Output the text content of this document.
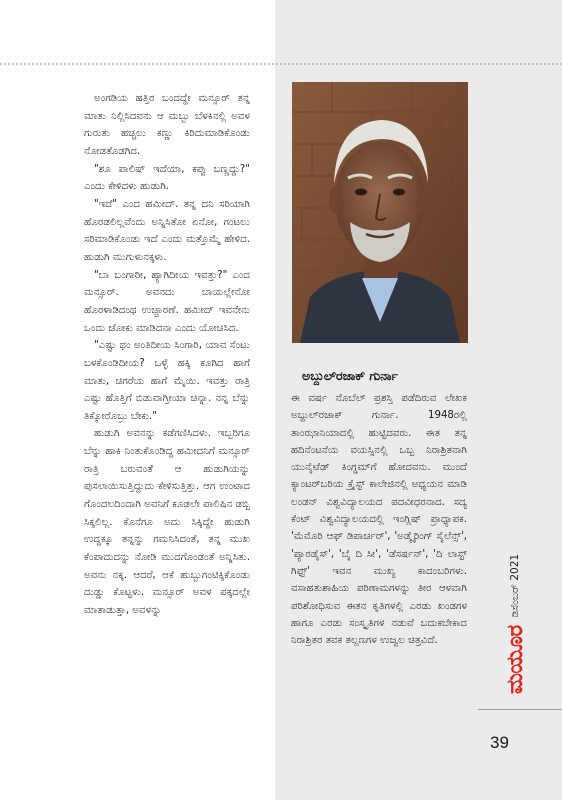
ಅಂಗಡಿಯ ಹತ್ತಿರ ಬಂದದ್ದೇ ಮನ್ಸೂರ್ ತನ್ನ ಮಾತು ನಿಲ್ಲಿಸಿದವನು ಆ ಮಬ್ಬು ಬೆಳಕಿನಲ್ಲಿ ಅವಳ ಗುರುತು ಹಚ್ಚಲು ಕಣ್ಣು ಕಿರಿದುಮಾಡಿಕೊಂಡು ನೋಡತೊಡಗಿದ.

"ಶೂ ಪಾಲಿಷ್ ಇದೆಯಾ, ಕಪ್ಪು ಬಣ್ಣದ್ದು?" ಎಂದು ಕೇಳಿದಳು ಹುಡುಗಿ.

"ಇದೆ" ಎಂದ ಹಮೀದ್. ತನ್ನ ದನಿ ಸರಿಯಾಗಿ ಹೊರಡಲಿಲ್ಲವೆಂದು ಅನ್ನಿಸಿತೋ ಏನೋ, ಗಂಟಲು ಸರಿಮಾಡಿಕೊಂಡು ಇದೆ ಎಂದು ಮತ್ತೊಮ್ಮೆ ಹೇಳಿದ. ಹುಡುಗಿ ಮುಗುಳುನಕ್ಕಳು.

"ಬಾ ಬಂಗಾರೀ, ಹ್ಯಾಗಿದೀಯ ಇವತ್ತು?" ಎಂದ ಮನ್ಸೂರ್. ಅವನದು ಬಾಯಲ್ಲೇನೋ ಹೊರಳಾಡಿದಂಥ ಉಚ್ಚಾರಣೆ. ಹಮೀದ್ ಇವನೇನು ಒಂದು ಜೋಕು ಮಾಡಿದನಾ ಎಂದು ಯೋಚಿಸಿದ.

"ಎಷ್ಟು ಥಂ ಅಂತಿದೀಯ ಸಿಂಗಾರಿ, ಯಾವ ಸೆಂಟು ಬಳಕೊಂಡಿದೀಯ? ಒಳ್ಳೆ ಹಕ್ಕಿ ಕೂಗಿದ ಹಾಗೆ ಮಾತು, ಚಿಗರೆಯ ಹಾಗೆ ಮೈಯಿ. ಇವತ್ತು ರಾತ್ರಿ ಎಷ್ಟು ಹೊತ್ತಿಗೆ ಬಿಡುವಾಗ್ತೀಯಾ ಚಿನ್ನಾ. ನನ್ನ ಬೆನ್ನು ತಿಕ್ಕೋರೊಬ್ರು ಬೇಕು."

ಹುಡುಗಿ ಅವನನ್ನು ಕಡೆಗಣಿಸಿದಳು. ಇಬ್ಬರಿಗೂ ಬೆನ್ನು ಹಾಕಿ ನಿಂತುಕೊಂಡಿದ್ದ ಹಮೀದನಿಗೆ ಮನ್ಸೂರ್ ರಾತ್ರಿ ಬರುವಂತೆ ಆ ಹುಡುಗಿಯನ್ನು ಪುಸಲಾಯಿಸುತ್ತಿದ್ದುದು ಕೇಳಿಸುತ್ತಿತ್ತು. ಆಗ ಉಂಟಾದ ಗೊಂದಲದಿಂದಾಗಿ ಅವನಿಗೆ ಕೂಡಲೇ ಪಾಲಿಷಿನ ಡಬ್ಬಿ ಸಿಕ್ಕಲಿಲ್ಲ. ಕೊನೆಗೂ ಅದು ಸಿಕ್ಕಿದ್ದೇ ಹುಡುಗಿ ಉದ್ದಕ್ಕೂ ತನ್ನನ್ನು ಗಮನಿಸಿದಂತೆ, ತನ್ನ ಮುಖ ಕೆಂಪಾದುದನ್ನು ನೋಡಿ ಮುದಗೊಂಡಂತೆ ಅನ್ನಿಸಿತು. ಅವನು ನಕ್ಕ. ಆದರೆ, ಆಕೆ ಹುಬ್ಬುಗಂಟಿಕ್ಕಿಕೊಂಡು ದುಡ್ಡು ಕೊಟ್ಟಳು. ಮನ್ಸೂರ್ ಅವಳ ಪಕ್ಕದಲ್ಲೇ ಮಾತಾಡುತ್ತಾ, ಅವಳನ್ನು

ಅಬ್ದುಲ್‌ರಜಾಕ್ ಗುರ್ನಾ

ಈ ವರ್ಷ ನೊಬೆಲ್ ಪ್ರಶಸ್ತಿ ಪಡೆದಿರುವ ಲೇಖಕ ಅಬ್ದುಲ್‌ರಜಾಕ್ ಗುರ್ನಾ. 1948ರಲ್ಲಿ ತಾಂಝಾನಿಯಾದಲ್ಲಿ ಹುಟ್ಟಿದವರು. ಈತ ತನ್ನ ಹದಿನೆಂಟನೆಯ ವಯಸ್ಸಿನಲ್ಲಿ ಒಬ್ಬ ನಿರಾಶ್ರಿತನಾಗಿ ಯುನೈಟೆಡ್ ಕಿಂಗ್ಡಮ್‌ಗೆ ಹೋದವನು. ಮುಂದೆ ಕ್ಯಾಂಟರ್‌ಬರಿಯ ಕ್ರೈಸ್ಟ್ ಕಾಲೇಜಿನಲ್ಲಿ ಅಧ್ಯಯನ ಮಾಡಿ ಲಂಡನ್ ವಿಶ್ವವಿದ್ಯಾಲಯದ ಪದವೀಧರನಾದ. ಸದ್ಯ ಕೆಂಟ್ ವಿಶ್ವವಿದ್ಯಾಲಯದಲ್ಲಿ ಇಂಗ್ಲಿಷ್ ಪ್ರಾಧ್ಯಾಪಕ. 'ಮೆಮೊರಿ ಆಫ್ ಡಿಪಾರ್ಚರ್', 'ಅಡ್ಮೈರಿಂಗ್ ಸೈಲೆನ್ಸ್', 'ಪ್ಯಾರಡೈಸ್', 'ಬೈ ದಿ ಸೀ', 'ಡೆಸರ್ಷನ್', 'ದಿ ಲಾಸ್ಟ್ ಗಿಫ್ಟ್' ಇವನ ಮುಖ್ಯ ಕಾದಂಬರಿಗಳು. ವಸಾಹತುಶಾಹಿಯ ಪರಿಣಾಮಗಳನ್ನು ತೀರ ಆಳವಾಗಿ ಪರಿಶೋಧಿಸುವ ಈತನ ಕೃತಿಗಳಲ್ಲಿ ಎರಡು ಖಂಡಗಳ ಹಾಗೂ ಎರಡು ಸಂಸ್ಕೃತಿಗಳ ನಡುವೆ ಬದುಕಬೇಕಾದ ನಿರಾಶ್ರಿತರ ತವಕ ತಲ್ಲಣಗಳ ಉಜ್ವಲ ಚಿತ್ರವಿದೆ.	ಮಯೂರ
ಡಿಸೆಂಬರ್ 2021
39
